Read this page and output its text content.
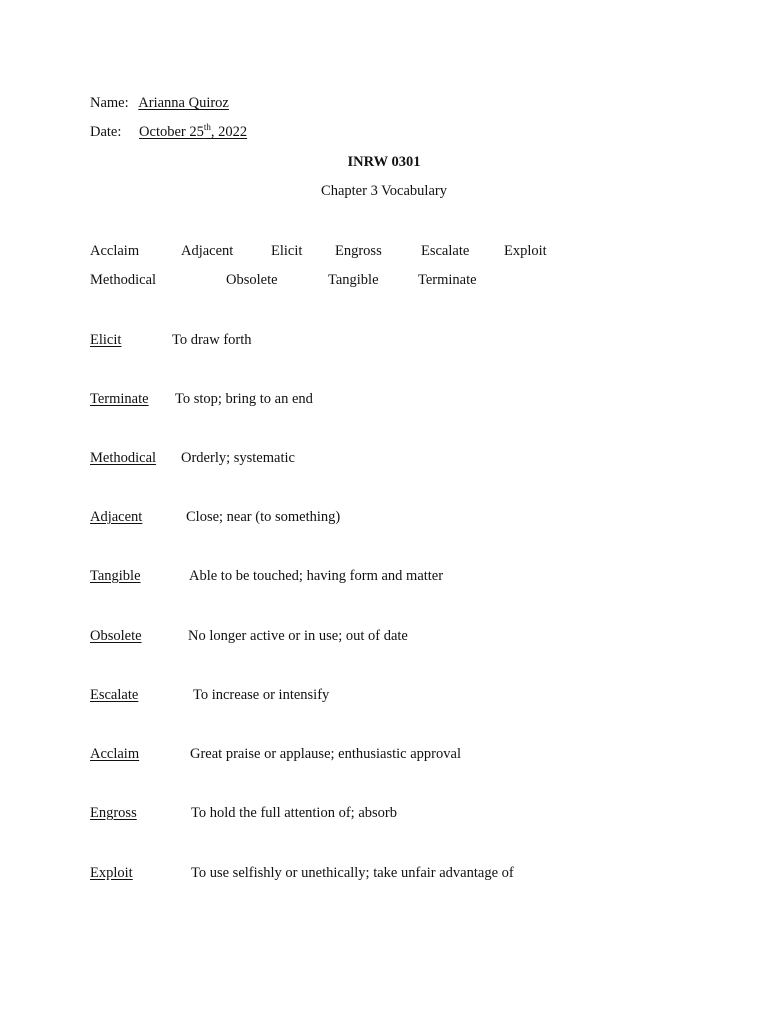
Name: Arianna Quiroz
Date: October 25th, 2022
INRW 0301
Chapter 3 Vocabulary
Acclaim	Adjacent	Elicit Engross	Escalate Exploit
Methodical	Obsolete	Tangible	Terminate
Elicit	To draw forth
Terminate To stop; bring to an end
Methodical Orderly; systematic
Adjacent	Close; near (to something)
Tangible	Able to be touched; having form and matter
Obsolete	No longer active or in use; out of date
Escalate	To increase or intensify
Acclaim	Great praise or applause; enthusiastic approval
Engross	To hold the full attention of; absorb
Exploit	To use selfishly or unethically; take unfair advantage of
